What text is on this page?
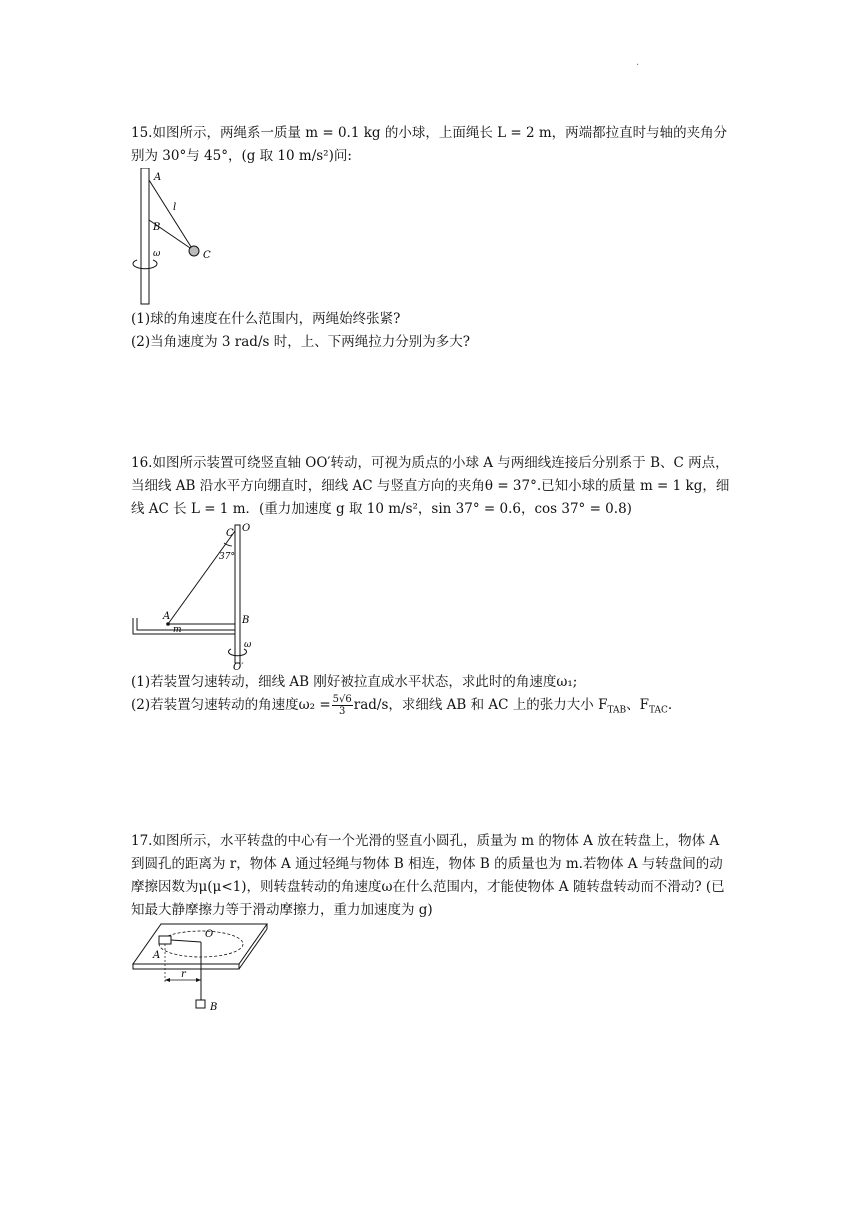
·

15.如图所示，两绳系一质量 m = 0.1 kg 的小球，上面绳长 L = 2 m，两端都拉直时与轴的夹角分别为 30°与 45°，(g 取 10 m/s²)问:

A
l
B
C
ω

(1)球的角速度在什么范围内，两绳始终张紧?

(2)当角速度为 3 rad/s 时，上、下两绳拉力分别为多大?

16.如图所示装置可绕竖直轴 OO′转动，可视为质点的小球 A 与两细线连接后分别系于 B、C 两点，当细线 AB 沿水平方向绷直时，细线 AC 与竖直方向的夹角θ = 37°.已知小球的质量 m = 1 kg，细线 AC 长 L = 1 m．(重力加速度 g 取 10 m/s²，sin 37° = 0.6，cos 37° = 0.8)

C O
37°
A
m
B
ω
O′

(1)若装置匀速转动，细线 AB 刚好被拉直成水平状态，求此时的角速度ω₁;

(2)若装置匀速转动的角速度$\omega_2 = \frac{5√6}{3} rad/s$，求细线 AB 和 AC 上的张力大小 $F_{TAB}$、$F_{TAC}$.

17.如图所示，水平转盘的中心有一个光滑的竖直小圆孔，质量为 m 的物体 A 放在转盘上，物体 A 到圆孔的距离为 r，物体 A 通过轻绳与物体 B 相连，物体 B 的质量也为 m.若物体 A 与转盘间的动摩擦因数为μ(μ<1)，则转盘转动的角速度ω在什么范围内，才能使物体 A 随转盘转动而不滑动? (已知最大静摩擦力等于滑动摩擦力，重力加速度为 g)

O
A
r
B
